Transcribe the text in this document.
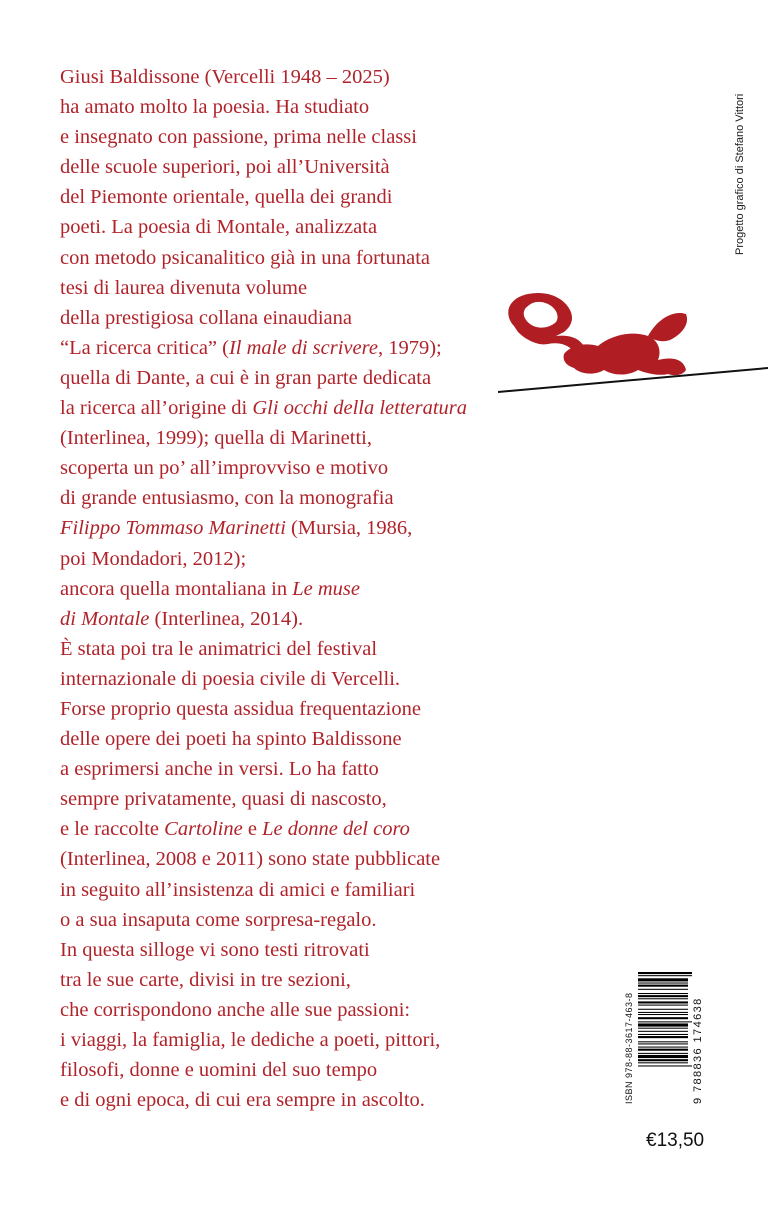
Giusi Baldissone (Vercelli 1948 – 2025)
ha amato molto la poesia. Ha studiato
e insegnato con passione, prima nelle classi
delle scuole superiori, poi all’Università
del Piemonte orientale, quella dei grandi
poeti. La poesia di Montale, analizzata
con metodo psicanalitico già in una fortunata
tesi di laurea divenuta volume
della prestigiosa collana einaudiana
“La ricerca critica” (Il male di scrivere, 1979);
quella di Dante, a cui è in gran parte dedicata
la ricerca all’origine di Gli occhi della letteratura
(Interlinea, 1999); quella di Marinetti,
scoperta un po’ all’improvviso e motivo
di grande entusiasmo, con la monografia
Filippo Tommaso Marinetti (Mursia, 1986,
poi Mondadori, 2012);
ancora quella montaliana in Le muse
di Montale (Interlinea, 2014).
È stata poi tra le animatrici del festival
internazionale di poesia civile di Vercelli.
Forse proprio questa assidua frequentazione
delle opere dei poeti ha spinto Baldissone
a esprimersi anche in versi. Lo ha fatto
sempre privatamente, quasi di nascosto,
e le raccolte Cartoline e Le donne del coro
(Interlinea, 2008 e 2011) sono state pubblicate
in seguito all’insistenza di amici e familiari
o a sua insaputa come sorpresa-regalo.
In questa silloge vi sono testi ritrovati
tra le sue carte, divisi in tre sezioni,
che corrispondono anche alle sue passioni:
i viaggi, la famiglia, le dediche a poeti, pittori,
filosofi, donne e uomini del suo tempo
e di ogni epoca, di cui era sempre in ascolto.
Progetto grafico di Stefano Vittori
ISBN 978-88-3617-463-8	9 788836 174638
€13,50
